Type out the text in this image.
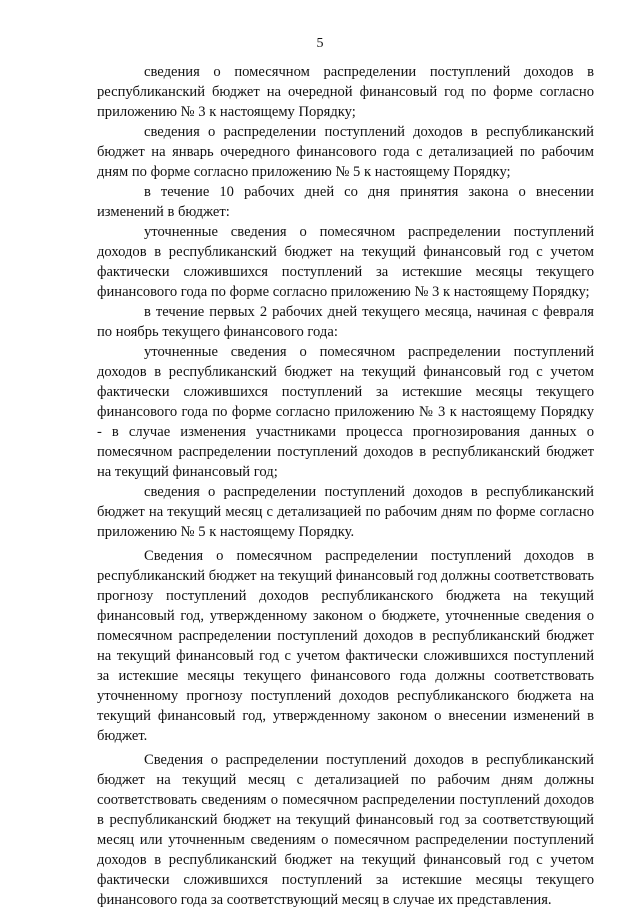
5

сведения о помесячном распределении поступлений доходов в республиканский бюджет на очередной финансовый год по форме согласно приложению № 3 к настоящему Порядку;

сведения о распределении поступлений доходов в республиканский бюджет на январь очередного финансового года с детализацией по рабочим дням по форме согласно приложению № 5 к настоящему Порядку;

в течение 10 рабочих дней со дня принятия закона о внесении изменений в бюджет:

уточненные сведения о помесячном распределении поступлений доходов в республиканский бюджет на текущий финансовый год с учетом фактически сложившихся поступлений за истекшие месяцы текущего финансового года по форме согласно приложению № 3 к настоящему Порядку;

в течение первых 2 рабочих дней текущего месяца, начиная с февраля по ноябрь текущего финансового года:

уточненные сведения о помесячном распределении поступлений доходов в республиканский бюджет на текущий финансовый год с учетом фактически сложившихся поступлений за истекшие месяцы текущего финансового года по форме согласно приложению № 3 к настоящему Порядку - в случае изменения участниками процесса прогнозирования данных о помесячном распределении поступлений доходов в республиканский бюджет на текущий финансовый год;

сведения о распределении поступлений доходов в республиканский бюджет на текущий месяц с детализацией по рабочим дням по форме согласно приложению № 5 к настоящему Порядку.

Сведения о помесячном распределении поступлений доходов в республиканский бюджет на текущий финансовый год должны соответствовать прогнозу поступлений доходов республиканского бюджета на текущий финансовый год, утвержденному законом о бюджете, уточненные сведения о помесячном распределении поступлений доходов в республиканский бюджет на текущий финансовый год с учетом фактически сложившихся поступлений за истекшие месяцы текущего финансового года должны соответствовать уточненному прогнозу поступлений доходов республиканского бюджета на текущий финансовый год, утвержденному законом о внесении изменений в бюджет.

Сведения о распределении поступлений доходов в республиканский бюджет на текущий месяц с детализацией по рабочим дням должны соответствовать сведениям о помесячном распределении поступлений доходов в республиканский бюджет на текущий финансовый год за соответствующий месяц или уточненным сведениям о помесячном распределении поступлений доходов в республиканский бюджет на текущий финансовый год с учетом фактически сложившихся поступлений за истекшие месяцы текущего финансового года за соответствующий месяц в случае их представления.
